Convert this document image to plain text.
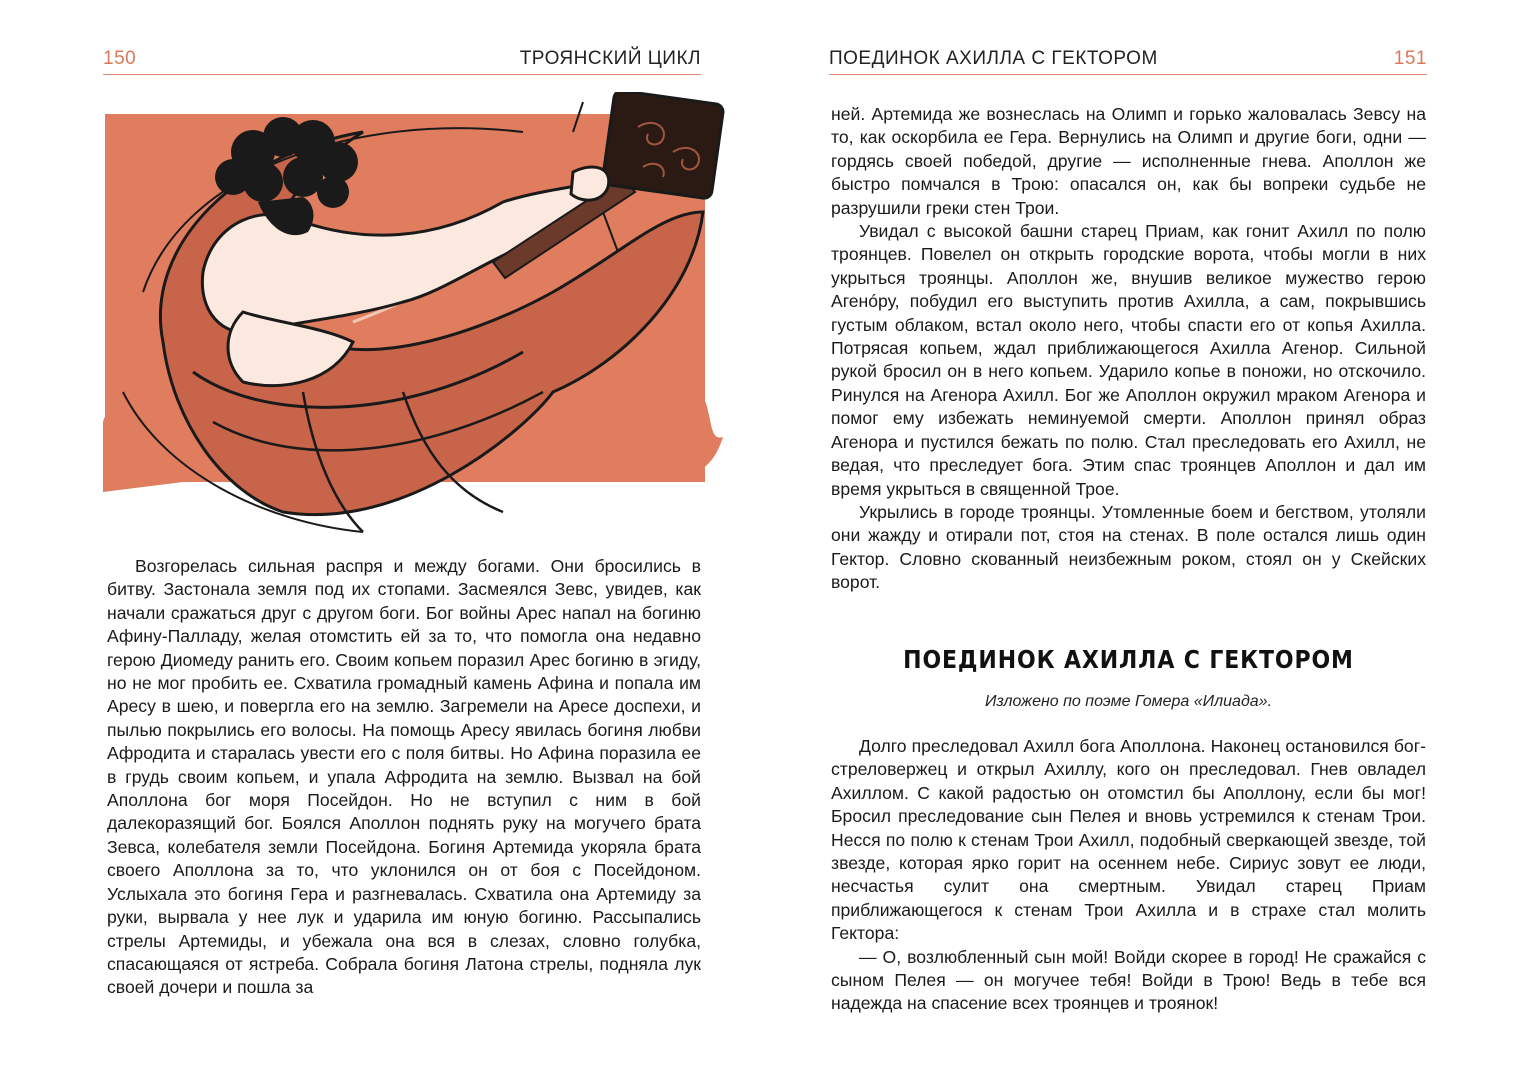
150	ТРОЯНСКИЙ ЦИКЛ

Возгорелась сильная распря и между богами. Они бросились в битву. Застонала земля под их стопами. Засмеялся Зевс, увидев, как начали сражаться друг с другом боги. Бог войны Арес напал на богиню Афину-Палладу, желая отомстить ей за то, что помогла она недавно герою Диомеду ранить его. Своим копьем поразил Арес богиню в эгиду, но не мог пробить ее. Схватила громадный камень Афина и попала им Аресу в шею, и повергла его на землю. Загремели на Аресе доспехи, и пылью покрылись его волосы. На помощь Аресу явилась богиня любви Афродита и старалась увести его с поля битвы. Но Афина поразила ее в грудь своим копьем, и упала Афродита на землю. Вызвал на бой Аполлона бог моря Посейдон. Но не вступил с ним в бой далекоразящий бог. Боялся Аполлон поднять руку на могучего брата Зевса, колебателя земли Посейдона. Богиня Артемида укоряла брата своего Аполлона за то, что уклонился он от боя с Посейдоном. Услыхала это богиня Гера и разгневалась. Схватила она Артемиду за руки, вырвала у нее лук и ударила им юную богиню. Рассыпались стрелы Артемиды, и убежала она вся в слезах, словно голубка, спасающаяся от ястреба. Собрала богиня Латона стрелы, подняла лук своей дочери и пошла за

ПОЕДИНОК АХИЛЛА С ГЕКТОРОМ	151

ней. Артемида же вознеслась на Олимп и горько жаловалась Зевсу на то, как оскорбила ее Гера. Вернулись на Олимп и другие боги, одни — гордясь своей победой, другие — исполненные гнева. Аполлон же быстро помчался в Трою: опасался он, как бы вопреки судьбе не разрушили греки стен Трои.

Увидал с высокой башни старец Приам, как гонит Ахилл по полю троянцев. Повелел он открыть городские ворота, чтобы могли в них укрыться троянцы. Аполлон же, внушив великое мужество герою Агенóру, побудил его выступить против Ахилла, а сам, покрывшись густым облаком, встал около него, чтобы спасти его от копья Ахилла. Потрясая копьем, ждал приближающегося Ахилла Агенор. Сильной рукой бросил он в него копьем. Ударило копье в поножи, но отскочило. Ринулся на Агенора Ахилл. Бог же Аполлон окружил мраком Агенора и помог ему избежать неминуемой смерти. Аполлон принял образ Агенора и пустился бежать по полю. Стал преследовать его Ахилл, не ведая, что преследует бога. Этим спас троянцев Аполлон и дал им время укрыться в священной Трое.

Укрылись в городе троянцы. Утомленные боем и бегством, утоляли они жажду и отирали пот, стоя на стенах. В поле остался лишь один Гектор. Словно скованный неизбежным роком, стоял он у Скейских ворот.

ПОЕДИНОК АХИЛЛА С ГЕКТОРОМ
Изложено по поэме Гомера «Илиада».

Долго преследовал Ахилл бога Аполлона. Наконец остановился бог-стреловержец и открыл Ахиллу, кого он преследовал. Гнев овладел Ахиллом. С какой радостью он отомстил бы Аполлону, если бы мог! Бросил преследование сын Пелея и вновь устремился к стенам Трои. Несся по полю к стенам Трои Ахилл, подобный сверкающей звезде, той звезде, которая ярко горит на осеннем небе. Сириус зовут ее люди, несчастья сулит она смертным. Увидал старец Приам приближающегося к стенам Трои Ахилла и в страхе стал молить Гектора:

— О, возлюбленный сын мой! Войди скорее в город! Не сражайся с сыном Пелея — он могучее тебя! Войди в Трою! Ведь в тебе вся надежда на спасение всех троянцев и троянок!
